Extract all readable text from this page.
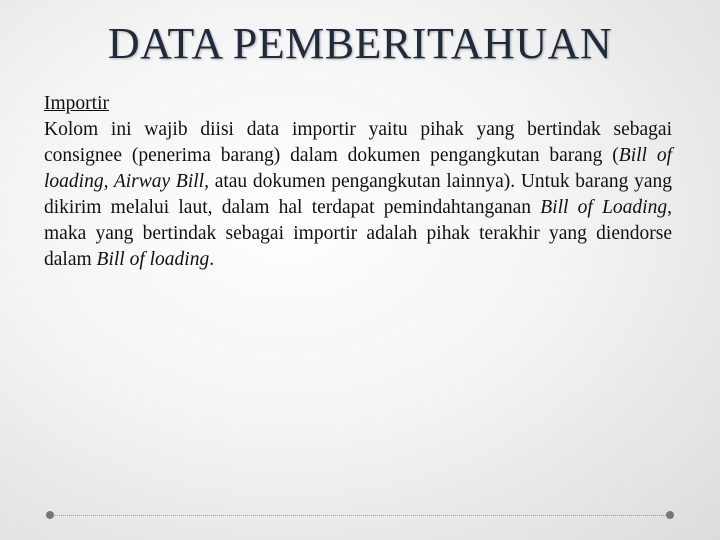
DATA PEMBERITAHUAN
Importir

Kolom ini wajib diisi data importir yaitu pihak yang bertindak sebagai consignee (penerima barang) dalam dokumen pengangkutan barang (Bill of loading, Airway Bill, atau dokumen pengangkutan lainnya). Untuk barang yang dikirim melalui laut, dalam hal terdapat pemindahtanganan Bill of Loading, maka yang bertindak sebagai importir adalah pihak terakhir yang diendorse dalam Bill of loading.
